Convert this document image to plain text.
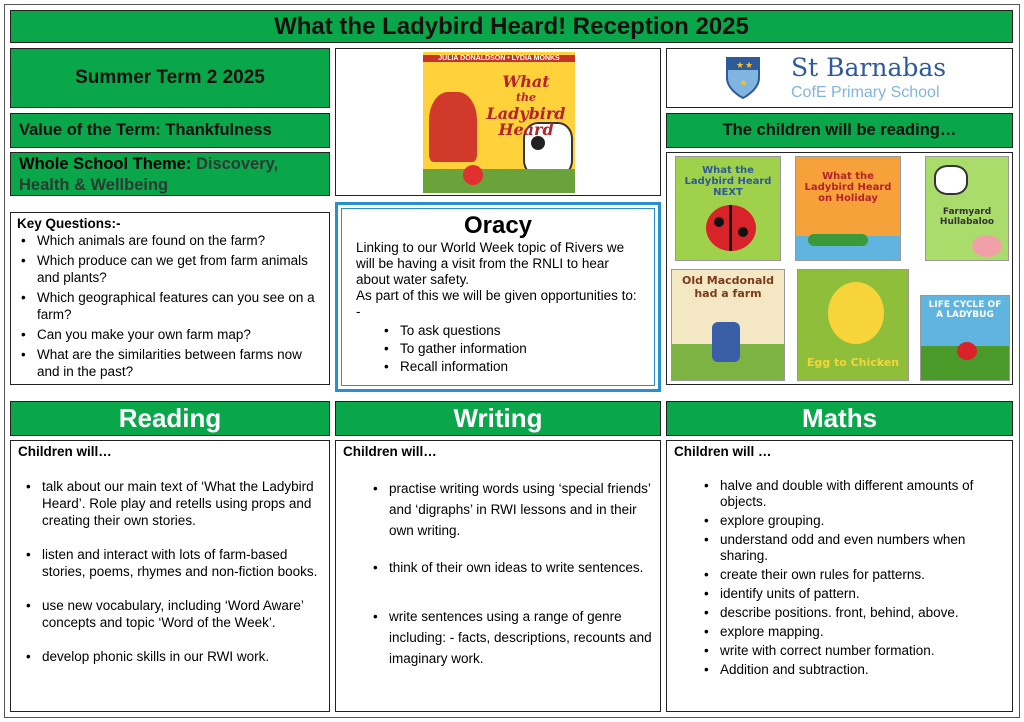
What the Ladybird Heard! Reception 2025
Summer Term 2 2025
Value of the Term: Thankfulness
Whole School Theme: Discovery, Health & Wellbeing
Key Questions:-
• Which animals are found on the farm?
• Which produce can we get from farm animals and plants?
• Which geographical features can you see on a farm?
• Can you make your own farm map?
• What are the similarities between farms now and in the past?
JULIA DONALDSON • LYDIA MONKS
What
the
Ladybird
Heard
★ ★
★
St Barnabas
CofE Primary School
The children will be reading…
What the Ladybird Heard NEXT
What the Ladybird Heard on Holiday
Farmyard Hullabaloo
Old Macdonald had a farm
Egg to Chicken
LIFE CYCLE OF A LADYBUG
Oracy
Linking to our World Week topic of Rivers we will be having a visit from the RNLI to hear about water safety.
As part of this we will be given opportunities to: -
• To ask questions
• To gather information
• Recall information
Reading	Writing	Maths
Children will…
• talk about our main text of ‘What the Ladybird Heard’. Role play and retells using props and creating their own stories.
• listen and interact with lots of farm-based stories, poems, rhymes and non-fiction books.
• use new vocabulary, including ‘Word Aware’ concepts and topic ‘Word of the Week’.
• develop phonic skills in our RWI work.
Children will…
• practise writing words using ‘special friends’ and ‘digraphs’ in RWI lessons and in their own writing.
• think of their own ideas to write sentences.
• write sentences using a range of genre including: - facts, descriptions, recounts and imaginary work.
Children will …
• halve and double with different amounts of objects.
• explore grouping.
• understand odd and even numbers when sharing.
• create their own rules for patterns.
• identify units of pattern.
• describe positions. front, behind, above.
• explore mapping.
• write with correct number formation.
• Addition and subtraction.
